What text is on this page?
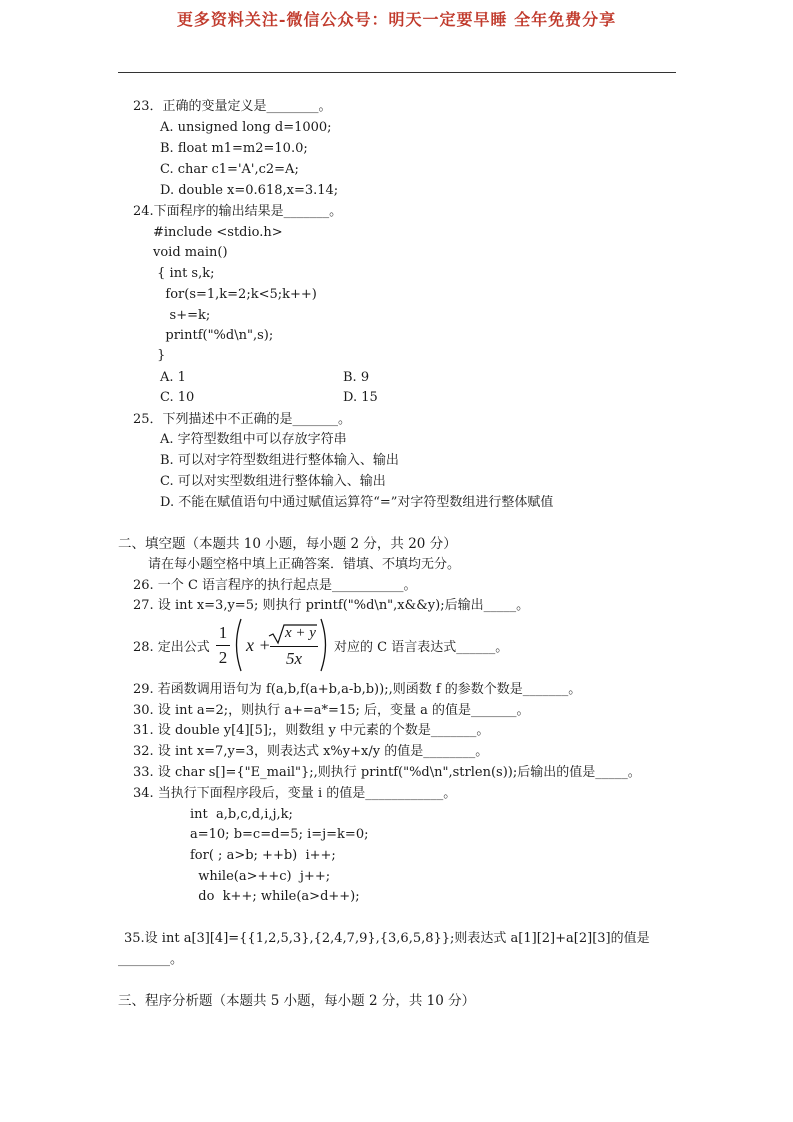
更多资料关注-微信公众号：明天一定要早睡 全年免费分享
23．正确的变量定义是________。
A. unsigned long d=1000;
B. float m1=m2=10.0;
C. char c1='A',c2=A;
D. double x=0.618,x=3.14;
24.下面程序的输出结果是_______。
#include <stdio.h>
void main()
{ int s,k;
for(s=1,k=2;k<5;k++)
s+=k;
printf("%d\n",s);
}
A. 1	B. 9
C. 10	D. 15
25．下列描述中不正确的是_______。
A. 字符型数组中可以存放字符串
B. 可以对字符型数组进行整体输入、输出
C. 可以对实型数组进行整体输入、输出
D. 不能在赋值语句中通过赋值运算符“=”对字符型数组进行整体赋值
二、填空题（本题共 10 小题，每小题 2 分，共 20 分）
请在每小题空格中填上正确答案．错填、不填均无分。
26. 一个 C 语言程序的执行起点是___________。
27. 设 int x=3,y=5; 则执行 printf("%d\n",x&&y);后输出_____。
28. 定出公式
1
2
x +
x + y
5x
对应的 C 语言表达式______。
29. 若函数调用语句为 f(a,b,f(a+b,a-b,b));,则函数 f 的参数个数是_______。
30. 设 int a=2;，则执行 a+=a*=15; 后，变量 a 的值是_______。
31. 设 double y[4][5];，则数组 y 中元素的个数是_______。
32. 设 int x=7,y=3，则表达式 x%y+x/y 的值是________。
33. 设 char s[]={"E_mail"};,则执行 printf("%d\n",strlen(s));后输出的值是_____。
34. 当执行下面程序段后，变量 i 的值是____________。
int  a,b,c,d,i,j,k;
a=10; b=c=d=5; i=j=k=0;
for( ; a>b; ++b)  i++;
while(a>++c)  j++;
do  k++; while(a>d++);
35.设 int a[3][4]={{1,2,5,3},{2,4,7,9},{3,6,5,8}};则表达式 a[1][2]+a[2][3]的值是
________。
三、程序分析题（本题共 5 小题，每小题 2 分，共 10 分）
